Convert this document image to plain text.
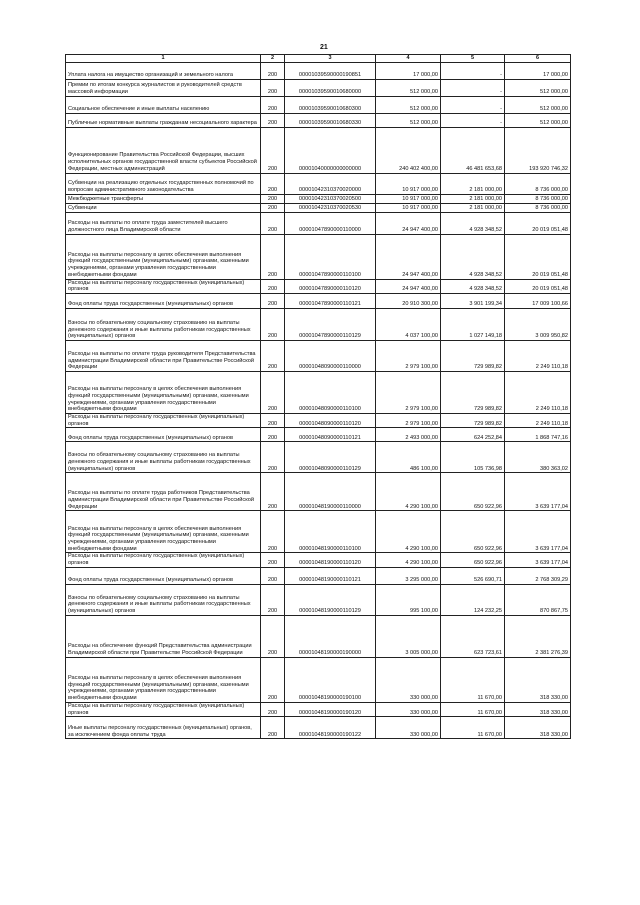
21
1	2	3	4	5	6
Уплата налога на имущество организаций и земельного налога	200	00001039590000190851	17 000,00	-	17 000,00
Премии по итогам конкурса журналистов и руководителей средств массовой информации	200	00001039590010680000	512 000,00	-	512 000,00
Социальное обеспечение и иные выплаты населению	200	00001039590010680300	512 000,00	-	512 000,00
Публичные нормативные выплаты гражданам несоциального характера	200	00001039590010680330	512 000,00	-	512 000,00
Функционирование Правительства Российской Федерации, высших исполнительных органов государственной власти субъектов Российской Федерации, местных администраций	200	00001040000000000000	240 402 400,00	46 481 653,68	193 920 746,32
Субвенции на реализацию отдельных государственных полномочий по вопросам административного законодательства	200	00001042310370020000	10 917 000,00	2 181 000,00	8 736 000,00
Межбюджетные трансферты	200	00001042310370020500	10 917 000,00	2 181 000,00	8 736 000,00
Субвенции	200	00001042310370020530	10 917 000,00	2 181 000,00	8 736 000,00
Расходы на выплаты по оплате труда заместителей высшего должностного лица Владимирской области	200	00001047890000110000	24 947 400,00	4 928 348,52	20 019 051,48
Расходы на выплаты персоналу в целях обеспечения выполнения функций государственными (муниципальными) органами, казенными учреждениями, органами управления государственными внебюджетными фондами	200	00001047890000110100	24 947 400,00	4 928 348,52	20 019 051,48
Расходы на выплаты персоналу государственных (муниципальных) органов	200	00001047890000110120	24 947 400,00	4 928 348,52	20 019 051,48
Фонд оплаты труда государственных (муниципальных) органов	200	00001047890000110121	20 910 300,00	3 901 199,34	17 009 100,66
Взносы по обязательному социальному страхованию на выплаты денежного содержания и иные выплаты работникам государственных (муниципальных) органов	200	00001047890000110129	4 037 100,00	1 027 149,18	3 009 950,82
Расходы на выплаты по оплате труда руководителя Представительства администрации Владимирской области при Правительстве Российской Федерации	200	00001048090000110000	2 979 100,00	729 989,82	2 249 110,18
Расходы на выплаты персоналу в целях обеспечения выполнения функций государственными (муниципальными) органами, казенными учреждениями, органами управления государственными внебюджетными фондами	200	00001048090000110100	2 979 100,00	729 989,82	2 249 110,18
Расходы на выплаты персоналу государственных (муниципальных) органов	200	00001048090000110120	2 979 100,00	729 989,82	2 249 110,18
Фонд оплаты труда государственных (муниципальных) органов	200	00001048090000110121	2 493 000,00	624 252,84	1 868 747,16
Взносы по обязательному социальному страхованию на выплаты денежного содержания и иные выплаты работникам государственных (муниципальных) органов	200	00001048090000110129	486 100,00	105 736,98	380 363,02
Расходы на выплаты по оплате труда работников Представительства администрации Владимирской области при Правительстве Российской Федерации	200	00001048190000110000	4 290 100,00	650 922,96	3 639 177,04
Расходы на выплаты персоналу в целях обеспечения выполнения функций государственными (муниципальными) органами, казенными учреждениями, органами управления государственными внебюджетными фондами	200	00001048190000110100	4 290 100,00	650 922,96	3 639 177,04
Расходы на выплаты персоналу государственных (муниципальных) органов	200	00001048190000110120	4 290 100,00	650 922,96	3 639 177,04
Фонд оплаты труда государственных (муниципальных) органов	200	00001048190000110121	3 295 000,00	526 690,71	2 768 309,29
Взносы по обязательному социальному страхованию на выплаты денежного содержания и иные выплаты работникам государственных (муниципальных) органов	200	00001048190000110129	995 100,00	124 232,25	870 867,75
Расходы на обеспечение функций Представительства администрации Владимирской области при Правительстве Российской Федерации	200	00001048190000190000	3 005 000,00	623 723,61	2 381 276,39
Расходы на выплаты персоналу в целях обеспечения выполнения функций государственными (муниципальными) органами, казенными учреждениями, органами управления государственными внебюджетными фондами	200	00001048190000190100	330 000,00	11 670,00	318 330,00
Расходы на выплаты персоналу государственных (муниципальных) органов	200	00001048190000190120	330 000,00	11 670,00	318 330,00
Иные выплаты персоналу государственных (муниципальных) органов, за исключением фонда оплаты труда	200	00001048190000190122	330 000,00	11 670,00	318 330,00
